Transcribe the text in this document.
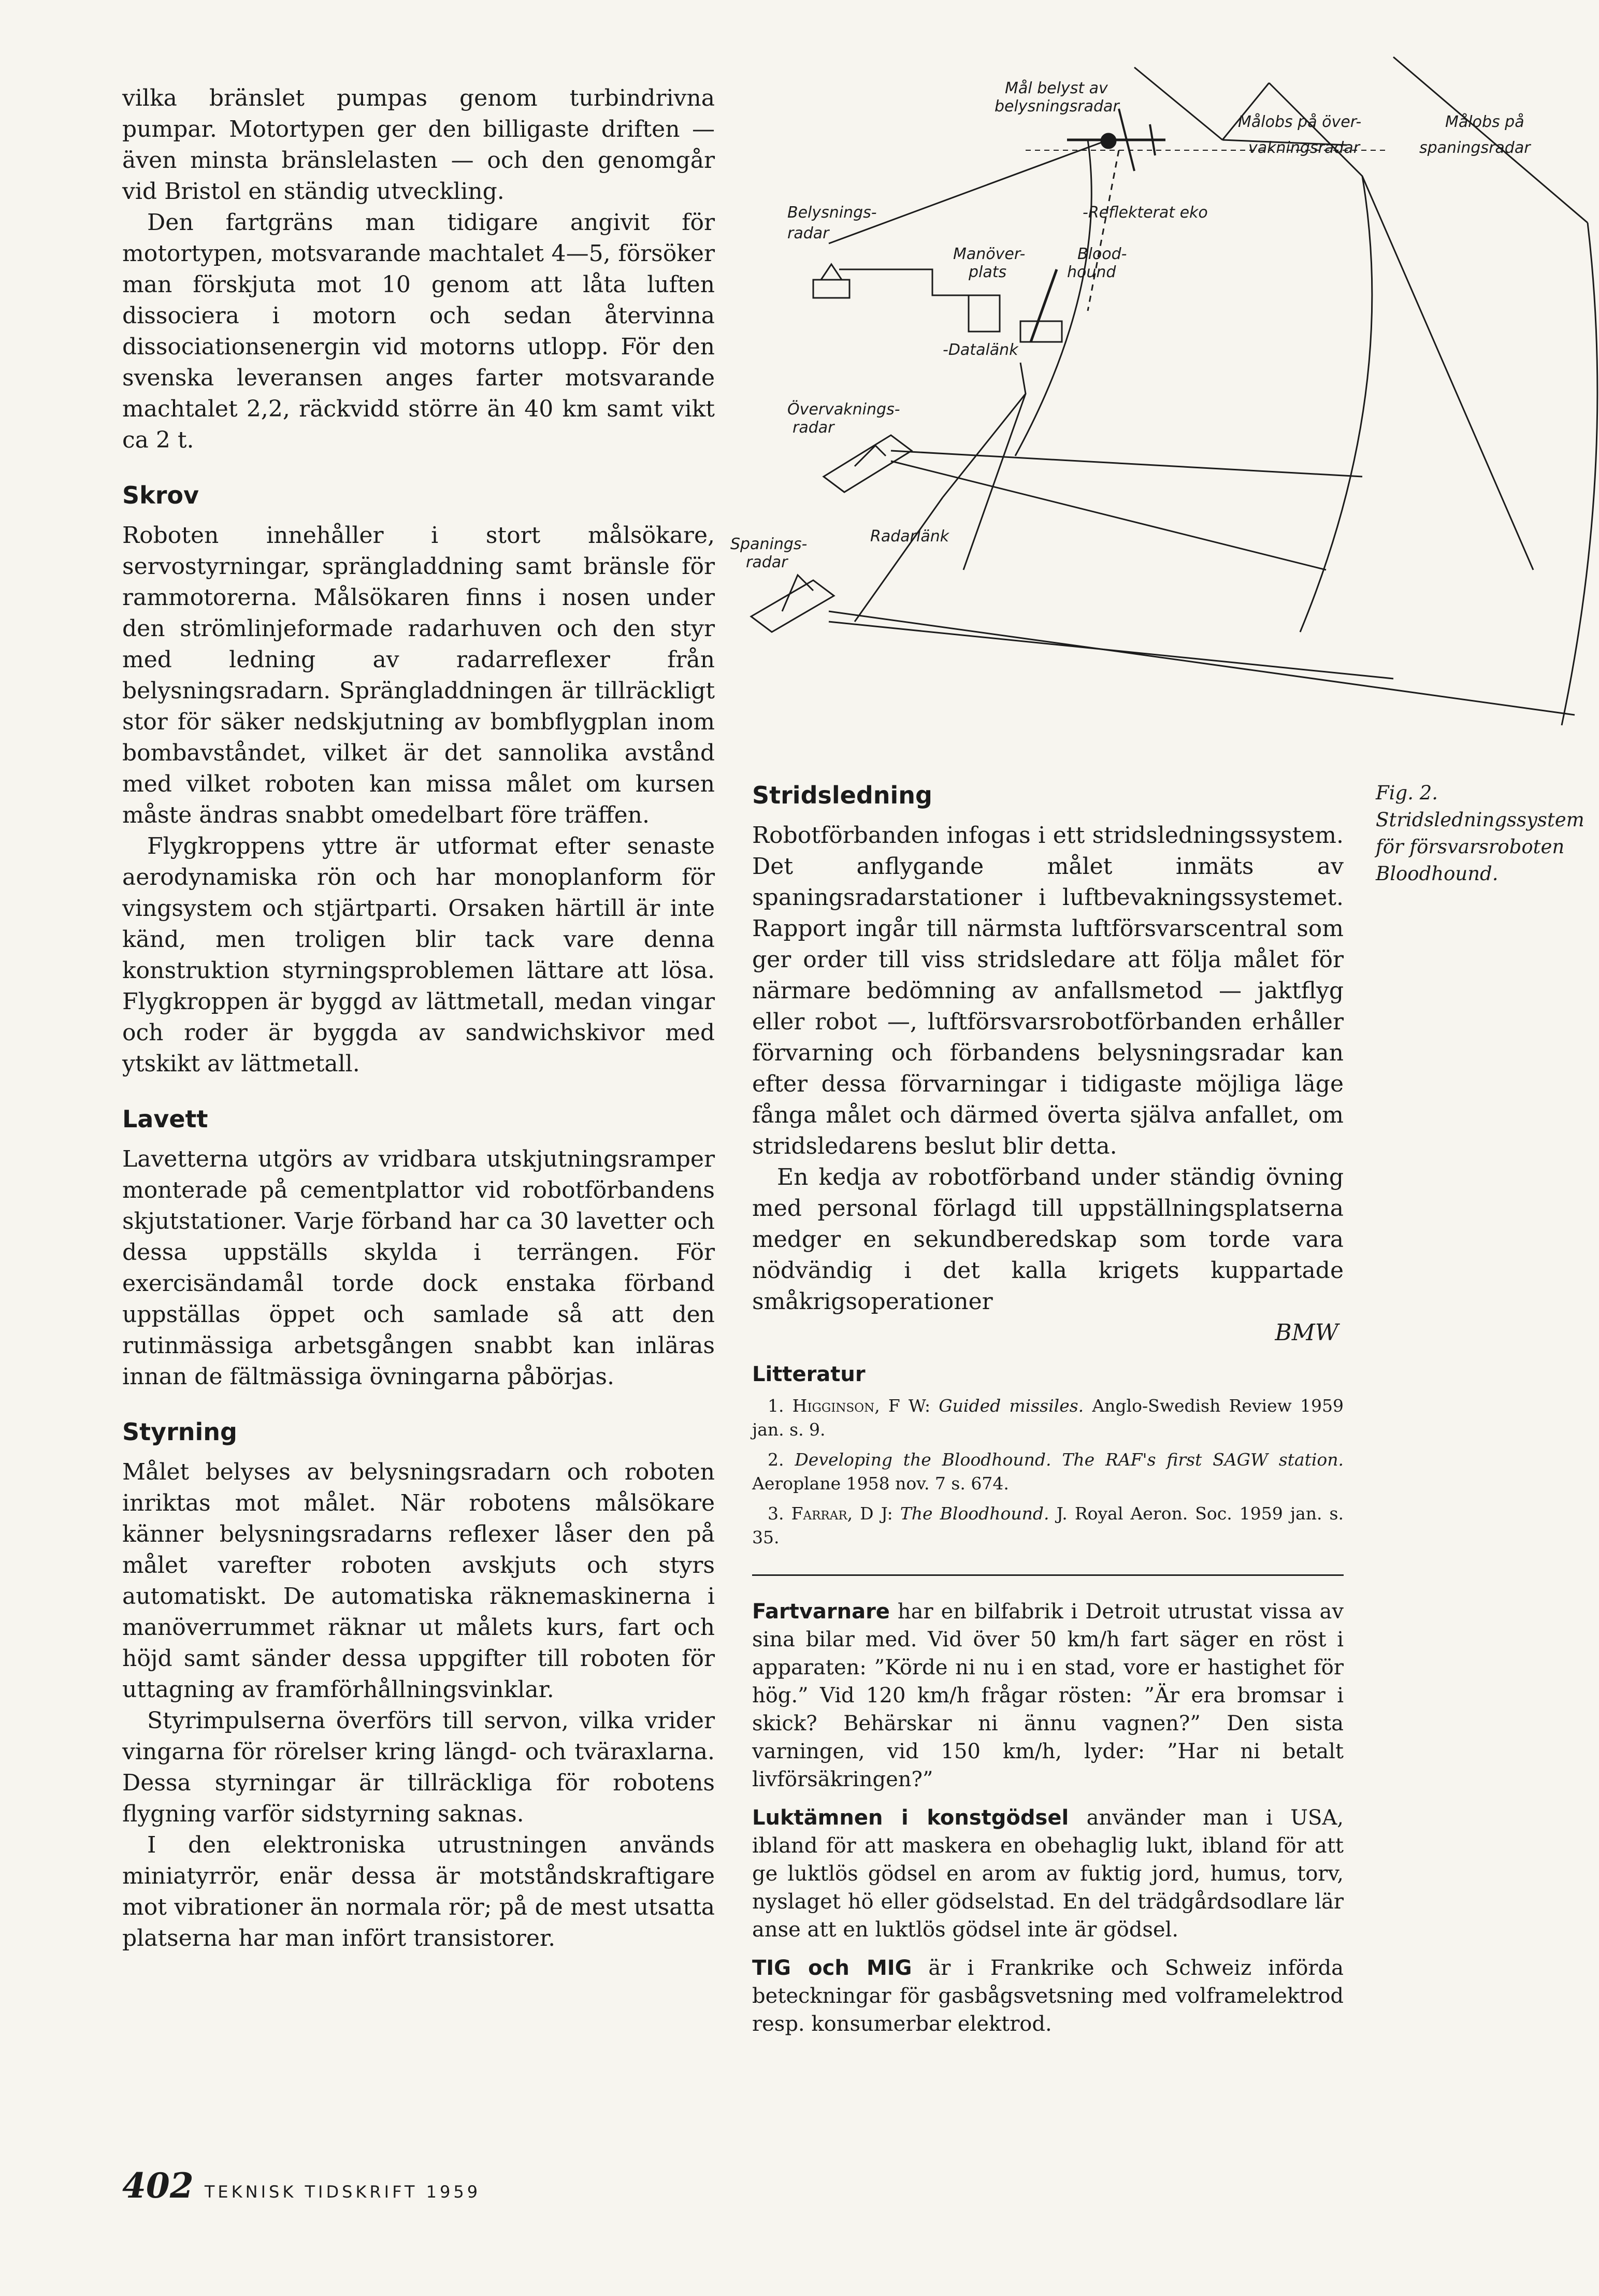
Mål belyst av
belysningsradar
Målobs på över-
vakningsradar
Målobs på
spaningsradar
Belysnings-
radar
-Reflekterat eko
Manöver-
plats
Blood-
hound
-Datalänk
Övervaknings-
radar
Spanings-
radar
Radarlänk

vilka bränslet pumpas genom turbindrivna pumpar. Motortypen ger den billigaste driften — även minsta bränslelasten — och den genomgår vid Bristol en ständig utveckling.

Den fartgräns man tidigare angivit för motortypen, motsvarande machtalet 4—5, försöker man förskjuta mot 10 genom att låta luften dissociera i motorn och sedan återvinna dissociationsenergin vid motorns utlopp. För den svenska leveransen anges farter motsvarande machtalet 2,2, räckvidd större än 40 km samt vikt ca 2 t.

Skrov

Roboten innehåller i stort målsökare, servostyrningar, sprängladdning samt bränsle för rammotorerna. Målsökaren finns i nosen under den strömlinjeformade radarhuven och den styr med ledning av radarreflexer från belysningsradarn. Sprängladdningen är tillräckligt stor för säker nedskjutning av bombflygplan inom bombavståndet, vilket är det sannolika avstånd med vilket roboten kan missa målet om kursen måste ändras snabbt omedelbart före träffen.

Flygkroppens yttre är utformat efter senaste aerodynamiska rön och har monoplanform för vingsystem och stjärtparti. Orsaken härtill är inte känd, men troligen blir tack vare denna konstruktion styrningsproblemen lättare att lösa. Flygkroppen är byggd av lättmetall, medan vingar och roder är byggda av sandwichskivor med ytskikt av lättmetall.

Lavett

Lavetterna utgörs av vridbara utskjutningsramper monterade på cementplattor vid robotförbandens skjutstationer. Varje förband har ca 30 lavetter och dessa uppställs skylda i terrängen. För exercisändamål torde dock enstaka förband uppställas öppet och samlade så att den rutinmässiga arbetsgången snabbt kan inläras innan de fältmässiga övningarna påbörjas.

Styrning

Målet belyses av belysningsradarn och roboten inriktas mot målet. När robotens målsökare känner belysningsradarns reflexer låser den på målet varefter roboten avskjuts och styrs automatiskt. De automatiska räknemaskinerna i manöverrummet räknar ut målets kurs, fart och höjd samt sänder dessa uppgifter till roboten för uttagning av framförhållningsvinklar.

Styrimpulserna överförs till servon, vilka vrider vingarna för rörelser kring längd- och tväraxlarna. Dessa styrningar är tillräckliga för robotens flygning varför sidstyrning saknas.

I den elektroniska utrustningen används miniatyrrör, enär dessa är motståndskraftigare mot vibrationer än normala rör; på de mest utsatta platserna har man infört transistorer.

Stridsledning

Robotförbanden infogas i ett stridsledningssystem. Det anflygande målet inmäts av spaningsradarstationer i luftbevakningssystemet. Rapport ingår till närmsta luftförsvarscentral som ger order till viss stridsledare att följa målet för närmare bedömning av anfallsmetod — jaktflyg eller robot —, luftförsvarsrobotförbanden erhåller förvarning och förbandens belysningsradar kan efter dessa förvarningar i tidigaste möjliga läge fånga målet och därmed överta själva anfallet, om stridsledarens beslut blir detta.

En kedja av robotförband under ständig övning med personal förlagd till uppställningsplatserna medger en sekundberedskap som torde vara nödvändig i det kalla krigets kuppartade småkrigsoperationer

BMW
Litteratur
1. Higginson, F W: Guided missiles. Anglo-Swedish Review 1959 jan. s. 9.
2. Developing the Bloodhound. The RAF's first SAGW station. Aeroplane 1958 nov. 7 s. 674.
3. Farrar, D J: The Bloodhound. J. Royal Aeron. Soc. 1959 jan. s. 35.

Fartvarnare har en bilfabrik i Detroit utrustat vissa av sina bilar med. Vid över 50 km/h fart säger en röst i apparaten: ”Körde ni nu i en stad, vore er hastighet för hög.” Vid 120 km/h frågar rösten: ”Är era bromsar i skick? Behärskar ni ännu vagnen?” Den sista varningen, vid 150 km/h, lyder: ”Har ni betalt livförsäkringen?”

Luktämnen i konstgödsel använder man i USA, ibland för att maskera en obehaglig lukt, ibland för att ge luktlös gödsel en arom av fuktig jord, humus, torv, nyslaget hö eller gödselstad. En del trädgårdsodlare lär anse att en luktlös gödsel inte är gödsel.

TIG och MIG är i Frankrike och Schweiz införda beteckningar för gasbågsvetsning med volframelektrod resp. konsumerbar elektrod.

Fig. 2. Stridsledningssystem för försvarsroboten Bloodhound.
402 TEKNISK TIDSKRIFT 1959
